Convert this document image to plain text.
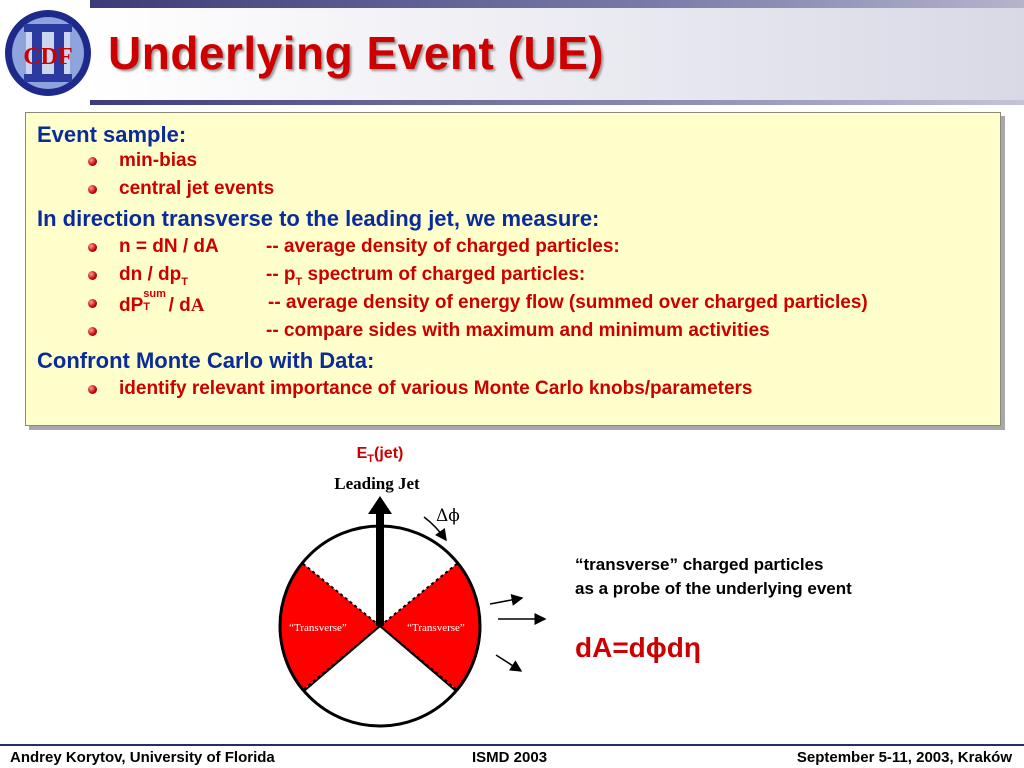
CDF Underlying Event (UE)
Event sample:
min-bias
central jet events
In direction transverse to the leading jet, we measure:
n = dN / dA -- average density of charged particles:
dn / $dp_T$	-- $p_T$ spectrum of charged particles:
dP
sum
T / dA	-- average density of energy flow (summed over charged particles)
-- compare sides with maximum and minimum activities
Confront Monte Carlo with Data:
identify relevant importance of various Monte Carlo knobs/parameters
$E_T(jet)$
Leading Jet
Δϕ
“Transverse”	“Transverse”
“transverse” charged particles
as a probe of the underlying event
dA=dϕdη
Andrey Korytov, University of Florida	ISMD 2003	September 5-11, 2003, Kraków
